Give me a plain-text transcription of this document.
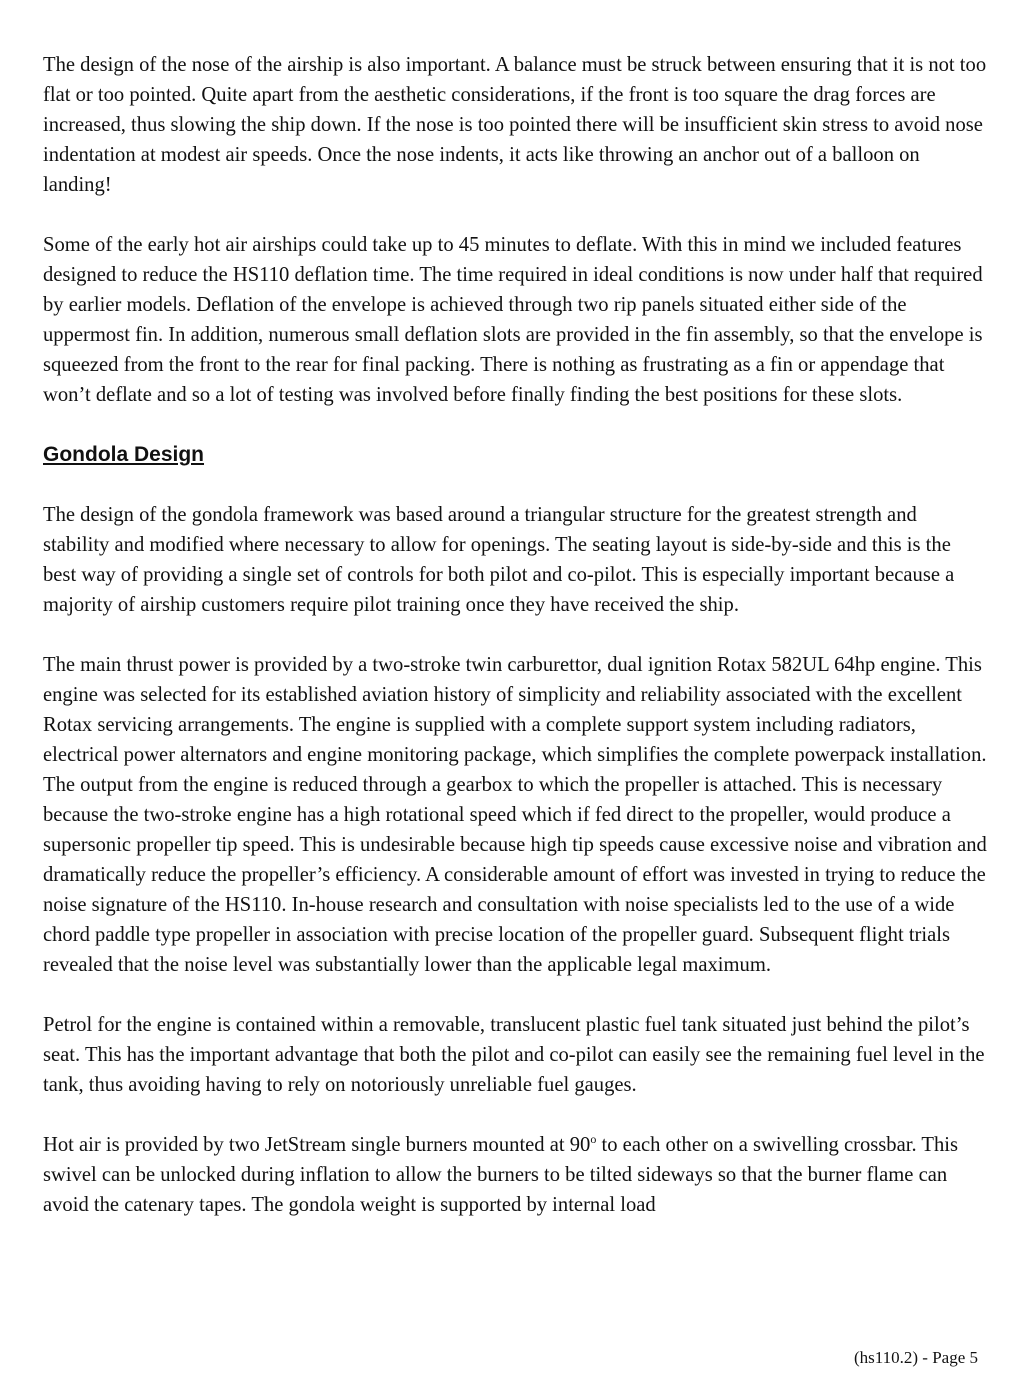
The design of the nose of the airship is also important. A balance must be struck between ensuring that it is not too flat or too pointed. Quite apart from the aesthetic considerations, if the front is too square the drag forces are increased, thus slowing the ship down. If the nose is too pointed there will be insufficient skin stress to avoid nose indentation at modest air speeds. Once the nose indents, it acts like throwing an anchor out of a balloon on landing!

Some of the early hot air airships could take up to 45 minutes to deflate. With this in mind we included features designed to reduce the HS110 deflation time. The time required in ideal conditions is now under half that required by earlier models. Deflation of the envelope is achieved through two rip panels situated either side of the uppermost fin. In addition, numerous small deflation slots are provided in the fin assembly, so that the envelope is squeezed from the front to the rear for final packing. There is nothing as frustrating as a fin or appendage that won’t deflate and so a lot of testing was involved before finally finding the best positions for these slots.

Gondola Design

The design of the gondola framework was based around a triangular structure for the greatest strength and stability and modified where necessary to allow for openings. The seating layout is side-by-side and this is the best way of providing a single set of controls for both pilot and co-pilot. This is especially important because a majority of airship customers require pilot training once they have received the ship.

The main thrust power is provided by a two-stroke twin carburettor, dual ignition Rotax 582UL 64hp engine. This engine was selected for its established aviation history of simplicity and reliability associated with the excellent Rotax servicing arrangements. The engine is supplied with a complete support system including radiators, electrical power alternators and engine monitoring package, which simplifies the complete powerpack installation. The output from the engine is reduced through a gearbox to which the propeller is attached. This is necessary because the two-stroke engine has a high rotational speed which if fed direct to the propeller, would produce a supersonic propeller tip speed. This is undesirable because high tip speeds cause excessive noise and vibration and dramatically reduce the propeller’s efficiency. A considerable amount of effort was invested in trying to reduce the noise signature of the HS110. In-house research and consultation with noise specialists led to the use of a wide chord paddle type propeller in association with precise location of the propeller guard. Subsequent flight trials revealed that the noise level was substantially lower than the applicable legal maximum.

Petrol for the engine is contained within a removable, translucent plastic fuel tank situated just behind the pilot’s seat. This has the important advantage that both the pilot and co-pilot can easily see the remaining fuel level in the tank, thus avoiding having to rely on notoriously unreliable fuel gauges.

Hot air is provided by two JetStream single burners mounted at 90$^o$ to each other on a swivelling crossbar. This swivel can be unlocked during inflation to allow the burners to be tilted sideways so that the burner flame can avoid the catenary tapes. The gondola weight is supported by internal load

(hs110.2) - Page 5
